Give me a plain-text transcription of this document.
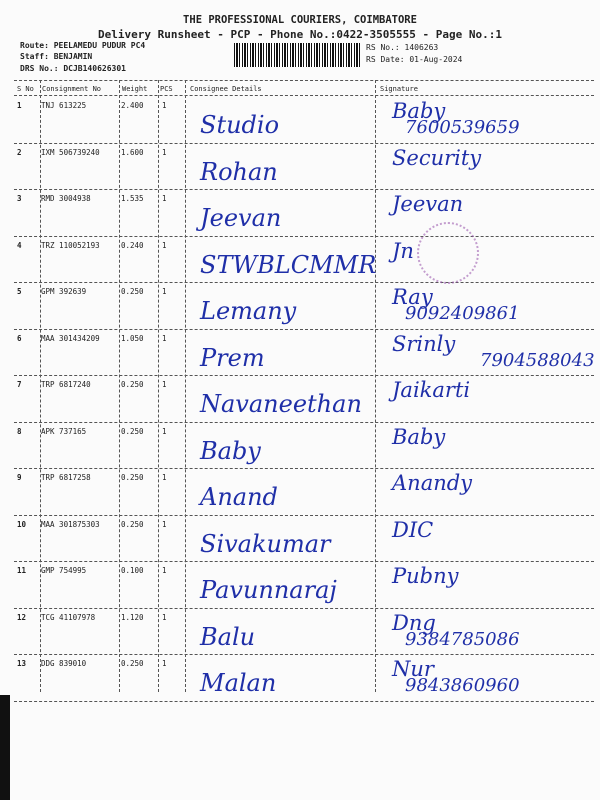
THE PROFESSIONAL COURIERS, COIMBATORE
Delivery Runsheet - PCP - Phone No.:0422-3505555 - Page No.:1
Route: PEELAMEDU PUDUR PC4
Staff: BENJAMIN
DRS No.: DCJB140626301
RS No.: 1406263
RS Date: 01-Aug-2024
S No Consignment No	Weight PCS Consignee Details	Signature
1	TNJ 613225	2.400 1
Studio	Baby
7600539659
2	IXM 506739240	1.600 1
Rohan	Security
3	RMD 3004938	1.535 1
Jeevan	Jeevan
4	TRZ 110052193	0.240 1
STWBLCMMR Jn
5	GPM 392639	0.250 1
Lemany	Ray
9092409861
6	MAA 301434209	1.050 1
Prem	Srinly
7904588043
7	TRP 6817240	0.250 1
Navaneethan Jaikarti
8	APK 737165	0.250 1
Baby	Baby
9	TRP 6817258	0.250 1
Anand	Anandy
10 MAA 301875303	0.250 1
Sivakumar	DIC
11 GMP 754995	0.100 1
Pavunnaraj	Pubny
12 TCG 41107978	1.120 1
Balu	Dng
9384785086
13 DDG 839010	0.250 1
Malan	Nur
9843860960
